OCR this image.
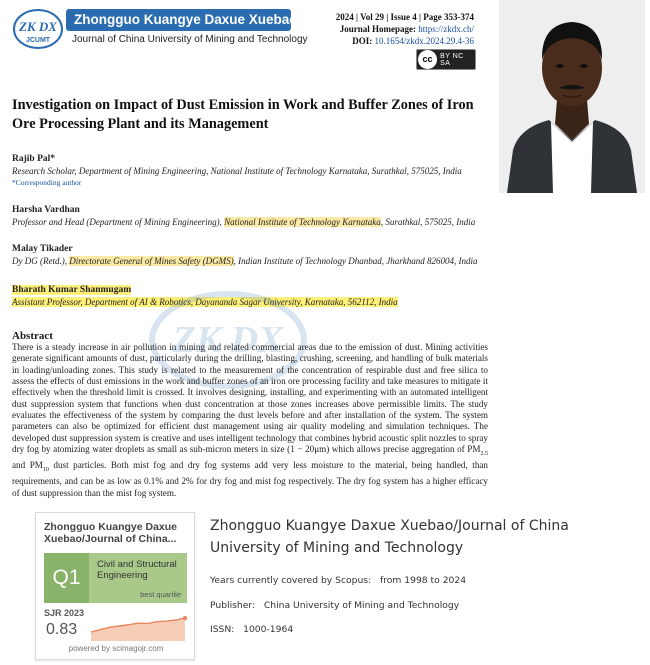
ZK DX
JCUMT
Zhongguo Kuangye Daxue Xuebao
Journal of China University of Mining and Technology
2024 | Vol 29 | Issue 4 | Page 353-374
Journal Homepage: https://zkdx.ch/
DOI: 10.1654/zkdx.2024.29.4-36
cc	BY NC SA
Investigation on Impact of Dust Emission in Work and Buffer Zones of Iron Ore Processing Plant and its Management
Rajib Pal*
Research Scholar, Department of Mining Engineering, National Institute of Technology Karnataka, Surathkal, 575025, India
*Corresponding author
Harsha Vardhan
Professor and Head (Department of Mining Engineering), National Institute of Technology Karnataka, Surathkal, 575025, India
Malay Tikader
Dy DG (Retd.), Directorate General of Mines Safety (DGMS), Indian Institute of Technology Dhanbad, Jharkhand 826004, India
Bharath Kumar Shanmugam
Assistant Professor, Department of AI & Robotics, Dayananda Sagar University, Karnataka, 562112, India
ZK DX
Abstract
There is a steady increase in air pollution in mining and related commercial areas due to the emission of dust. Mining activities generate significant amounts of dust, particularly during the drilling, blasting, crushing, screening, and handling of bulk materials in loading/unloading zones. This study is related to the measurement of the concentration of respirable dust and free silica to assess the effects of dust emissions in the work and buffer zones of an iron ore processing facility and take measures to mitigate it effectively when the threshold limit is crossed. It involves designing, installing, and experimenting with an automated intelligent dust suppression system that functions when dust concentration at those zones increases above permissible limits. The study evaluates the effectiveness of the system by comparing the dust levels before and after installation of the system. The system parameters can also be optimized for efficient dust management using air quality modeling and simulation techniques. The developed dust suppression system is creative and uses intelligent technology that combines hybrid acoustic split nozzles to spray dry fog by atomizing water droplets as small as sub-micron meters in size (1 − 20μm) which allows precise aggregation of $PM_{2.5}$ and $PM_{10}$ dust particles. Both mist fog and dry fog systems add very less moisture to the material, being handled, than requirements, and can be as low as 0.1% and 2% for dry fog and mist fog respectively. The dry fog system has a higher efficacy of dust suppression than the mist fog system.
Zhongguo Kuangye Daxue Xuebao/Journal of China...
Q1
Civil and Structural Engineering
best quartile
SJR 2023
0.83
powered by scimagojr.com
Zhongguo Kuangye Daxue Xuebao/Journal of China University of Mining and Technology
Years currently covered by Scopus: from 1998 to 2024
Publisher: China University of Mining and Technology
ISSN: 1000-1964
